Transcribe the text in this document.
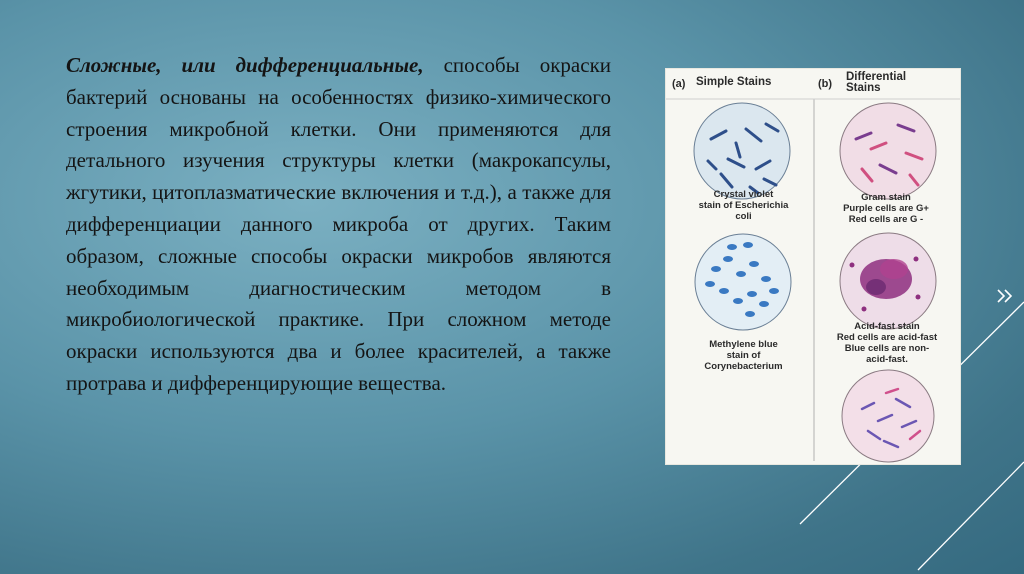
Сложные, или дифференциальные, способы окраски бактерий основаны на особенностях физико-химического строения микробной клетки. Они применяются для детального изучения структуры клетки (макрокапсулы, жгутики, цитоплазматические включения и т.д.), а также для дифференциации данного микроба от других. Таким образом, сложные способы окраски микробов являются необходимым диагностическим методом в микробиологической практике. При сложном методе окраски используются два и более красителей, а также протрава и дифференцирующие вещества.
(a) Simple Stains	(b)
Differential
Stains
Crystal violet
stain of Escherichia
coli
Methylene blue
stain of
Corynebacterium
Gram stain
Purple cells are G+
Red cells are G -
Acid-fast stain
Red cells are acid-fast
Blue cells are non-
acid-fast.
